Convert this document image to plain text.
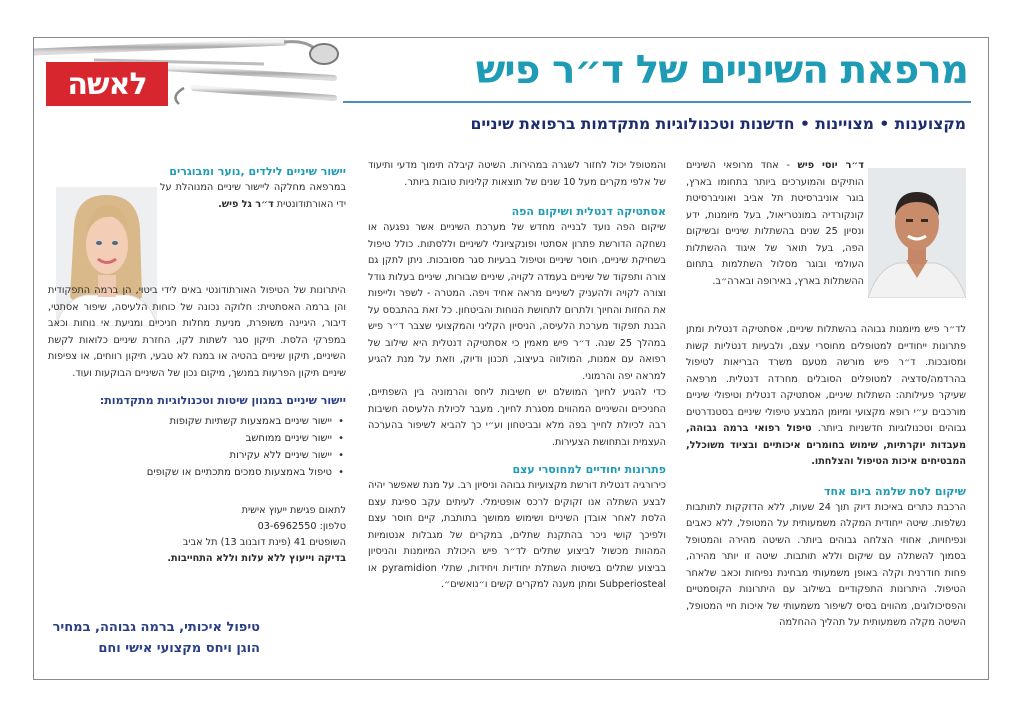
לאשה	מרפאת השיניים של ד״ר פיש
מקצוענות • מצויינות • חדשנות וטכנולוגיות מתקדמות ברפואת שיניים

ד״ר יוסי פיש - אחד מרופאי השיניים הותיקים והמוערכים ביותר בתחומו בארץ, בוגר אוניברסיטת תל אביב ואוניברסיטת קונקורדיה במונטריאול, בעל מיומנות, ידע ונסיון 25 שנים בהשתלות שיניים ובשיקום הפה, בעל תואר של איגוד ההשתלות העולמי ובוגר מסלול השתלמות בתחום ההשתלות בארץ, באירופה ובארה״ב.

לד״ר פיש מיומנות גבוהה בהשתלות שיניים, אסתטיקה דנטלית ומתן פתרונות ייחודיים למטופלים מחוסרי עצם, ולבעיות דנטליות קשות ומסובכות. ד״ר פיש מורשה מטעם משרד הבריאות לטיפול בהרדמה/סדציה למטופלים הסובלים מחרדה דנטלית. מרפאה שעיקר פעילותה: השתלות שיניים, אסתטיקה דנטלית וטיפולי שיניים מורכבים ע״י רופא מקצועי ומיומן המבצע טיפולי שיניים בסטנדרטים גבוהים וטכנולוגיות חדשניות ביותר. טיפול רפואי ברמה גבוהה, מעבדות יוקרתיות, שימוש בחומרים איכותיים ובציוד משוכלל, המבטיחים איכות הטיפול והצלחתו.

שיקום לסת שלמה ביום אחד

הרכבת כתרים באיכות דיוק תוך 24 שעות, ללא הדזקקות לתותבות נשלפות. שיטה ייחודית המקלה משמעותית על המטופל, ללא כאבים ונפיחויות, אחוזי הצלחה גבוהים ביותר. השיטה מהירה והמטופל בסמוך להשתלה עם שיקום וללא תותבות. שיטה זו יותר מהירה, פחות חודרנית וקלה באופן משמעותי מבחינת נפיחות וכאב שלאחר הטיפול. היתרונות התפקודיים בשילוב עם היתרונות הקוסמטיים והפסיכולוגים, מהווים בסיס לשיפור משמעותי של איכות חיי המטופל, השיטה מקלה משמעותית על תהליך ההחלמה

והמטופל יכול לחזור לשגרה במהירות. השיטה קיבלה תימוך מדעי ותיעוד של אלפי מקרים מעל 10 שנים של תוצאות קליניות טובות ביותר.

אסתטיקה דנטלית ושיקום הפה

שיקום הפה נועד לבנייה מחדש של מערכת השיניים אשר נפגעה או נשחקה הדורשת פתרון אסתטי ופונקציונלי לשיניים וללסתות. כולל טיפול בשחיקת שיניים, חוסר שיניים וטיפול בבעיות סגר מסובכות. ניתן לתקן גם צורה ותפקוד של שיניים בעמדה לקויה, שיניים שבורות, שיניים בעלות גודל וצורה לקויה ולהעניק לשיניים מראה אחיד ויפה. המטרה - לשפר ולייפות את החזות והחיוך ולתרום לתחושת הנוחות והביטחון. כל זאת בהתבסס על הבנת תפקוד מערכת הלעיסה, הניסיון הקליני והמקצועי שצבר ד״ר פיש במהלך 25 שנה. ד״ר פיש מאמין כי אסתטיקה דנטלית היא שילוב של רפואה עם אמנות, המולווה בעיצוב, תכנון ודיוק, וזאת על מנת להגיע למראה יפה והרמוני.

כדי להגיע לחיוך המושלם יש חשיבות ליחס והרמוניה בין השפתיים, החניכיים והשיניים המהווים מסגרת לחיוך. מעבר לכיולת הלעיסה חשיבות רבה לכיולת לחייך בפה מלא ובביטחון וע״י כך להביא לשיפור בהערכה העצמית ובתחושת הצעירות.

פתרונות יחודיים למחוסרי עצם

כירורגיה דנטלית דורשת מקצועיות גבוהה וניסיון רב. על מנת שאפשר יהיה לבצע השתלה אנו זקוקים לרכס אופטימלי. לעיתים עקב ספיגת עצם הלסת לאחר אובדן השיניים ושימוש ממושך בתותבת, קיים חוסר עצם ולפיכך קושי ניכר בהתקנת שתלים, במקרים של מגבלות אנטומיות המהוות מכשול לביצוע שתלים לד״ר פיש היכולת המיומנות והניסיון בביצוע שתלים בשיטות השתלת יחודיות ויחידות, שתלי pyramidion או Subperiosteal ומתן מענה למקרים קשים ו״נואשים״.

יישור שיניים לילדים ,נוער ומבוגרים

במרפאה מחלקה ליישור שיניים המנוהלת על ידי האורתודונטית ד״ר גל פיש.

היתרונות של הטיפול האורתודונטי באים לידי ביטוי, הן ברמה התפקודית והן ברמה האסתטית: חלוקה נכונה של כוחות הלעיסה, שיפור אסתטי, דיבור, היגיינה משופרת, מניעת מחלות חניכיים ומניעת אי נוחות וכאב במפרקי הלסת. תיקון סגר לשתות לקו, החזרת שיניים כלואות לקשת השיניים, תיקון שיניים בהטיה או במנח לא טבעי, תיקון רווחים, או צפיפות שיניים תיקון הפרעות במנשך, מיקום נכון של השיניים הבוקעות ועוד.

יישור שיניים במגוון שיטות וטכנולוגיות מתקדמות:
• יישור שיניים באמצעות קשתיות שקופות
• יישור שיניים ממוחשב
• יישור שיניים ללא עקירות
• טיפול באמצעות סמכים מתכתיים או שקופים

לתאום פגישת ייעוץ אישית

טלפון: 03-6962550

השופטים 41 (פינת דובנוב 13) תל אביב

בדיקה וייעוץ ללא עלות וללא התחייבות.

טיפול איכותי, ברמה גבוהה, במחיר הוגן ויחס מקצועי אישי וחם
